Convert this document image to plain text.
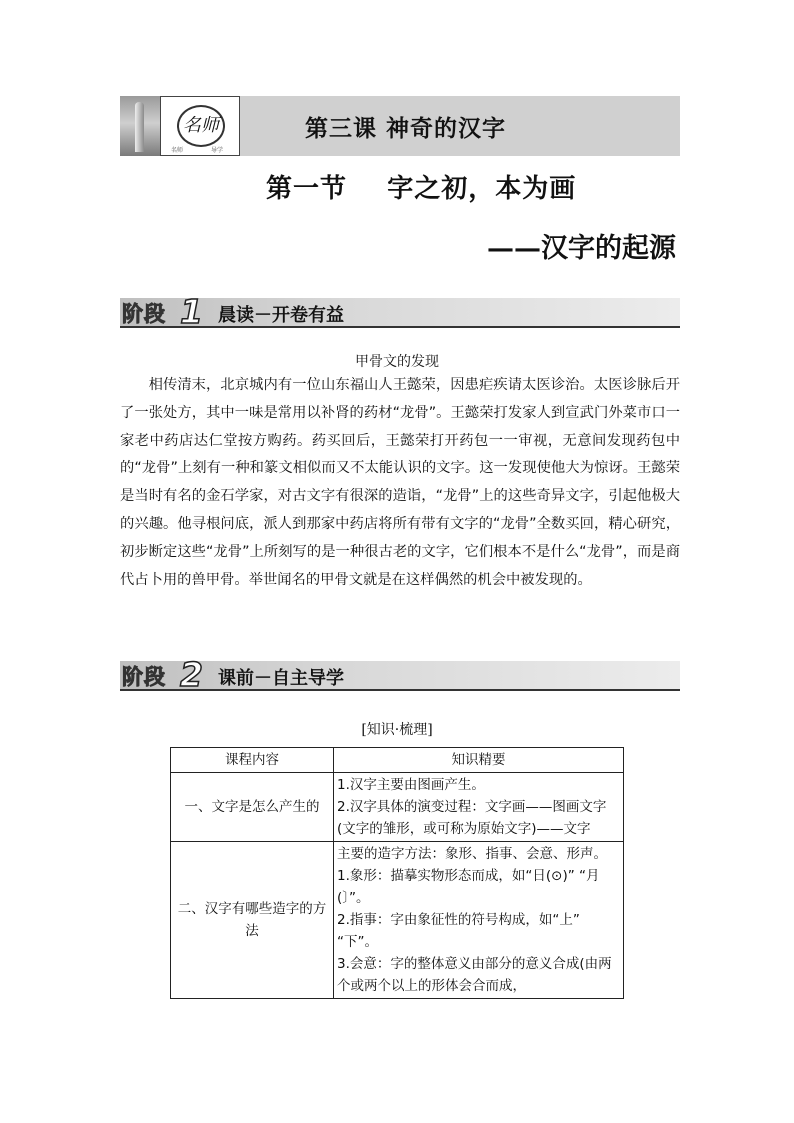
名师
名师	导学
第三课 神奇的汉字
第一节    字之初，本为画
——汉字的起源
阶段 1 晨读－开卷有益
甲骨文的发现
相传清末，北京城内有一位山东福山人王懿荣，因患疟疾请太医诊治。太医诊脉后开了一张处方，其中一味是常用以补肾的药材“龙骨”。王懿荣打发家人到宣武门外菜市口一家老中药店达仁堂按方购药。药买回后，王懿荣打开药包一一审视，无意间发现药包中的“龙骨”上刻有一种和篆文相似而又不太能认识的文字。这一发现使他大为惊讶。王懿荣是当时有名的金石学家，对古文字有很深的造诣，“龙骨”上的这些奇异文字，引起他极大的兴趣。他寻根问底，派人到那家中药店将所有带有文字的“龙骨”全数买回，精心研究，初步断定这些“龙骨”上所刻写的是一种很古老的文字，它们根本不是什么“龙骨”，而是商代占卜用的兽甲骨。举世闻名的甲骨文就是在这样偶然的机会中被发现的。
阶段 2 课前－自主导学
[知识·梳理]
课程内容	知识精要
一、文字是怎么产生的	1.汉字主要由图画产生。
2.汉字具体的演变过程：文字画——图画文字(文字的雏形，或可称为原始文字)——文字

二、汉字有哪些造字的方法	主要的造字方法：象形、指事、会意、形声。
1.象形：描摹实物形态而成，如“日(⊙)” “月(〕”。
2.指事：字由象征性的符号构成，如“上” “下”。
3.会意：字的整体意义由部分的意义合成(由两个或两个以上的形体会合而成，
